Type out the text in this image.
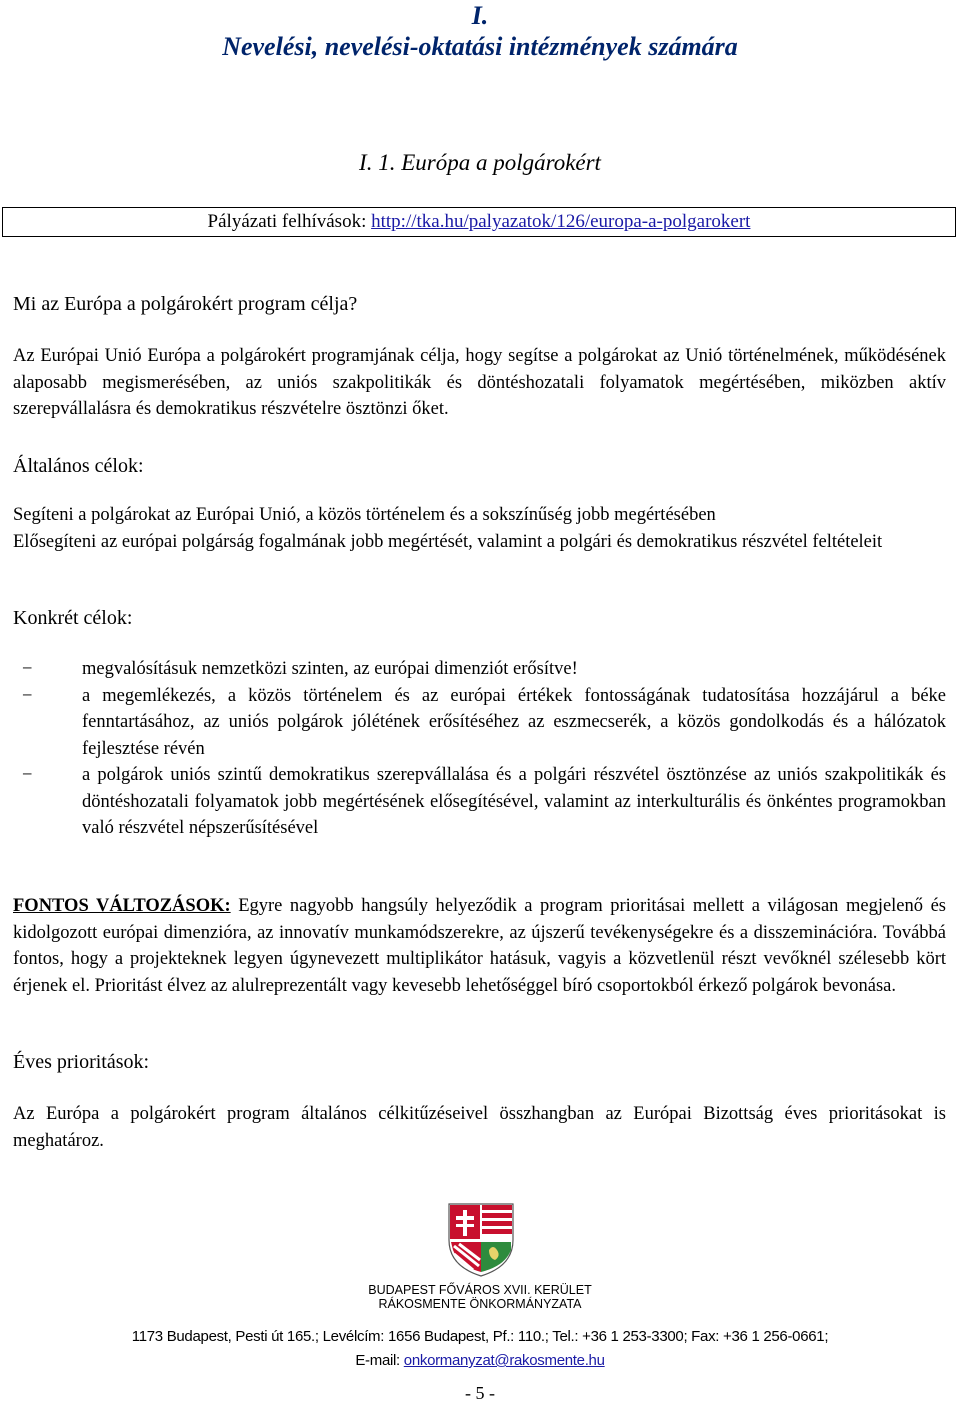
I.
Nevelési, nevelési-oktatási intézmények számára
I. 1. Európa a polgárokért
Pályázati felhívások: http://tka.hu/palyazatok/126/europa-a-polgarokert
Mi az Európa a polgárokért program célja?

Az Európai Unió Európa a polgárokért programjának célja, hogy segítse a polgárokat az Unió történelmének, működésének alaposabb megismerésében, az uniós szakpolitikák és döntéshozatali folyamatok megértésében, miközben aktív szerepvállalásra és demokratikus részvételre ösztönzi őket.

Általános célok:

Segíteni a polgárokat az Európai Unió, a közös történelem és a sokszínűség jobb megértésében

Elősegíteni az európai polgárság fogalmának jobb megértését, valamint a polgári és demokratikus részvétel feltételeit

Konkrét célok:
− megvalósításuk nemzetközi szinten, az európai dimenziót erősítve!
− a megemlékezés, a közös történelem és az európai értékek fontosságának tudatosítása hozzájárul a béke fenntartásához, az uniós polgárok jólétének erősítéséhez az eszmecserék, a közös gondolkodás és a hálózatok fejlesztése révén
− a polgárok uniós szintű demokratikus szerepvállalása és a polgári részvétel ösztönzése az uniós szakpolitikák és döntéshozatali folyamatok jobb megértésének elősegítésével, valamint az interkulturális és önkéntes programokban való részvétel népszerűsítésével

FONTOS VÁLTOZÁSOK: Egyre nagyobb hangsúly helyeződik a program prioritásai mellett a világosan megjelenő és kidolgozott európai dimenzióra, az innovatív munkamódszerekre, az újszerű tevékenységekre és a disszeminációra. Továbbá fontos, hogy a projekteknek legyen úgynevezett multiplikátor hatásuk, vagyis a közvetlenül részt vevőknél szélesebb kört érjenek el. Prioritást élvez az alulreprezentált vagy kevesebb lehetőséggel bíró csoportokból érkező polgárok bevonása.

Éves prioritások:

Az Európa a polgárokért program általános célkitűzéseivel összhangban az Európai Bizottság éves prioritásokat is meghatároz.

BUDAPEST FŐVÁROS XVII. KERÜLET
RÁKOSMENTE ÖNKORMÁNYZATA
1173 Budapest, Pesti út 165.; Levélcím: 1656 Budapest, Pf.: 110.; Tel.: +36 1 253-3300; Fax: +36 1 256-0661;
E-mail: onkormanyzat@rakosmente.hu
- 5 -
